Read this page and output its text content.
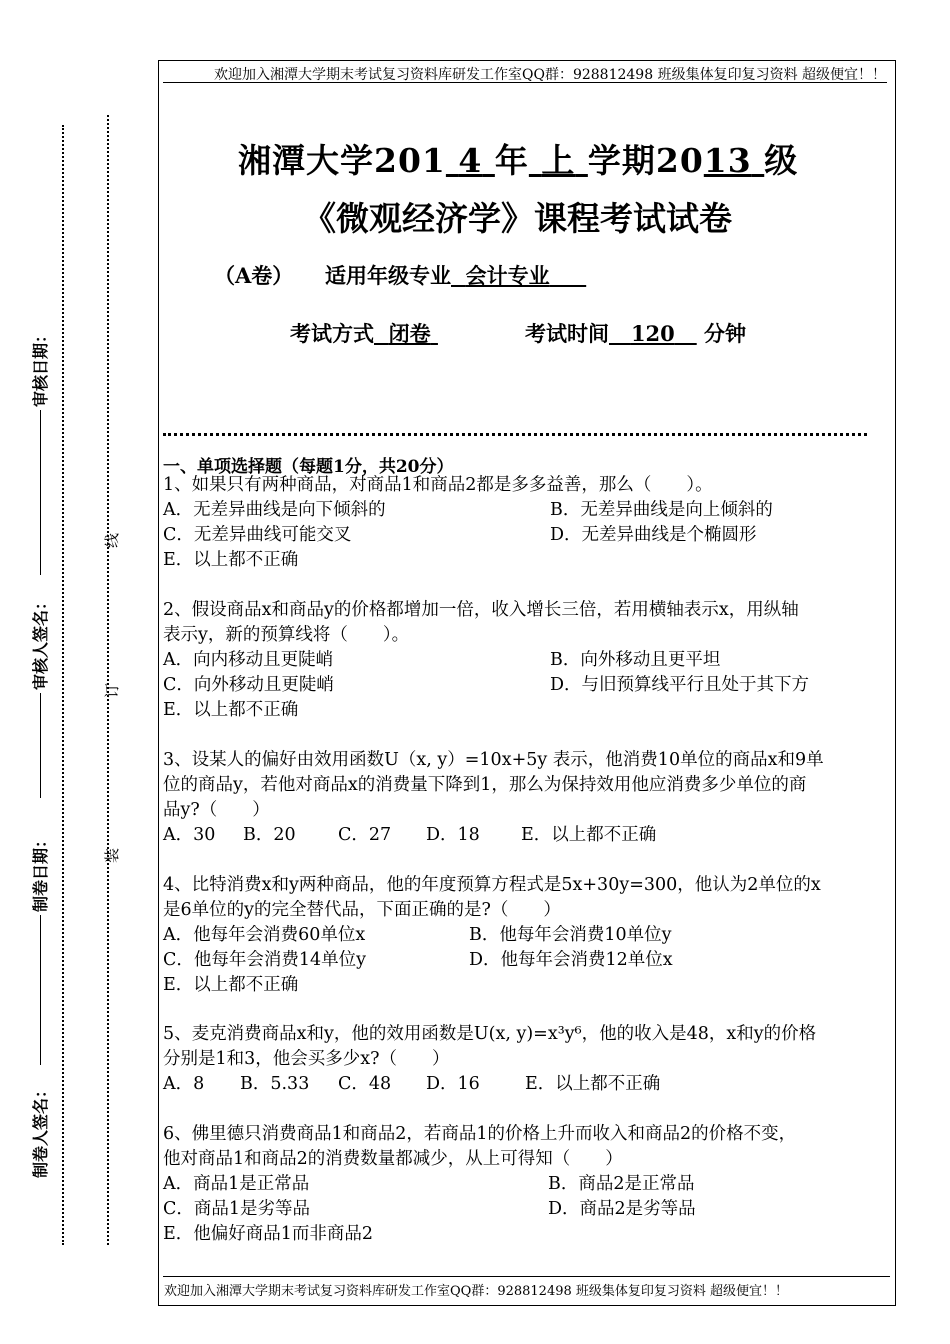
欢迎加入湘潭大学期末考试复习资料库研发工作室QQ群：928812498 班级集体复印复习资料 超级便宜！！
线
订
装
审核日期：
审核人签名：
制卷日期：
制卷人签名：
湘潭大学201 4 年 上 学期2013 级
《微观经济学》课程考试试卷
（A卷） 适用年级专业 会计专业
考试方式 闭卷	考试时间 120 分钟
一、单项选择题（每题1分，共20分）
1、如果只有两种商品，对商品1和商品2都是多多益善，那么（　　）。
A．无差异曲线是向下倾斜的	B．无差异曲线是向上倾斜的
C．无差异曲线可能交叉	D．无差异曲线是个椭圆形
E．以上都不正确
2、假设商品x和商品y的价格都增加一倍，收入增长三倍，若用横轴表示x，用纵轴
表示y，新的预算线将（　　）。
A．向内移动且更陡峭	B．向外移动且更平坦
C．向外移动且更陡峭	D．与旧预算线平行且处于其下方
E．以上都不正确
3、设某人的偏好由效用函数U（x, y）=10x+5y 表示，他消费10单位的商品x和9单
位的商品y，若他对商品x的消费量下降到1，那么为保持效用他应消费多少单位的商
品y?（　　）
A．30 B．20 C．27 D．18 E．以上都不正确
4、比特消费x和y两种商品，他的年度预算方程式是5x+30y=300，他认为2单位的x
是6单位的y的完全替代品，下面正确的是?（　　）
A．他每年会消费60单位x	B．他每年会消费10单位y
C．他每年会消费14单位y	D．他每年会消费12单位x
E．以上都不正确
5、麦克消费商品x和y，他的效用函数是U(x, y)=x³y⁶，他的收入是48，x和y的价格
分别是1和3，他会买多少x?（　　）
A．8 B．5.33 C．48 D．16	E．以上都不正确
6、佛里德只消费商品1和商品2，若商品1的价格上升而收入和商品2的价格不变，
他对商品1和商品2的消费数量都减少，从上可得知（　　）
A．商品1是正常品	B．商品2是正常品
C．商品1是劣等品	D．商品2是劣等品
E．他偏好商品1而非商品2
欢迎加入湘潭大学期末考试复习资料库研发工作室QQ群：928812498 班级集体复印复习资料 超级便宜！！
